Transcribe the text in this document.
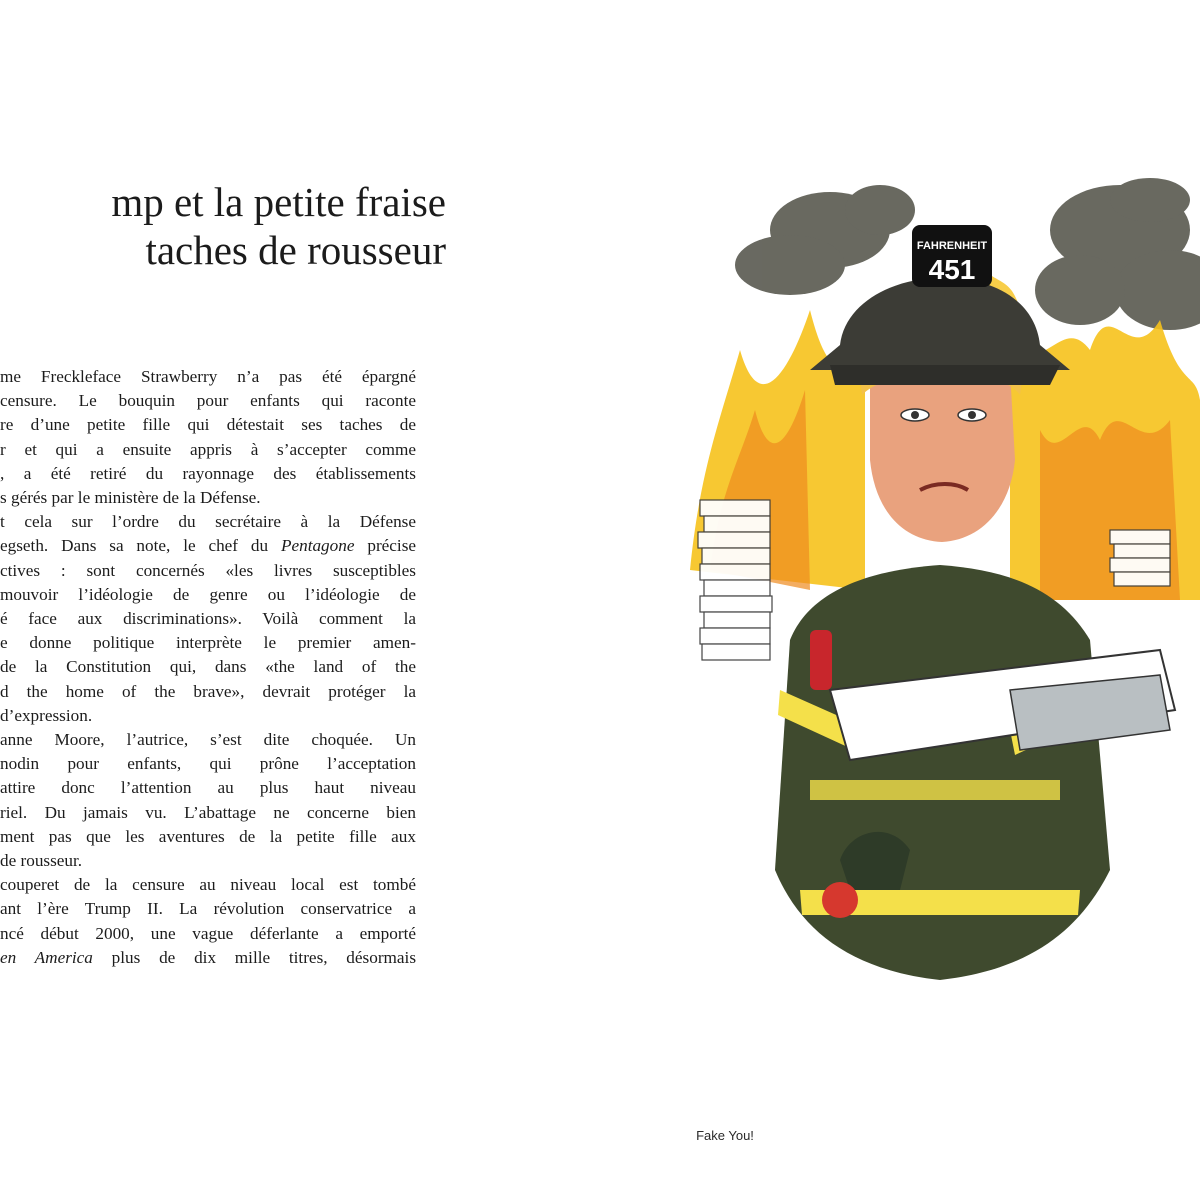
mp et la petite fraise
taches de rousseur
me Freckleface Strawberry n’a pas été épargné
censure. Le bouquin pour enfants qui raconte
re d’une petite fille qui détestait ses taches de
r et qui a ensuite appris à s’accepter comme
, a été retiré du rayonnage des établissements
s gérés par le ministère de la Défense.
t cela sur l’ordre du secrétaire à la Défense
egseth. Dans sa note, le chef du Pentagone précise
ctives : sont concernés «les livres susceptibles
mouvoir l’idéologie de genre ou l’idéologie de
é face aux discriminations». Voilà comment la
e donne politique interprète le premier amen-
de la Constitution qui, dans «the land of the
d the home of the brave», devrait protéger la
d’expression.
anne Moore, l’autrice, s’est dite choquée. Un
nodin pour enfants, qui prône l’acceptation
attire donc l’attention au plus haut niveau
riel. Du jamais vu. L’abattage ne concerne bien
ment pas que les aventures de la petite fille aux
de rousseur.
couperet de la censure au niveau local est tombé
ant l’ère Trump II. La révolution conservatrice a
ncé début 2000, une vague déferlante a emporté
en America plus de dix mille titres, désormais
FAHRENHEIT
451
Fake You!
